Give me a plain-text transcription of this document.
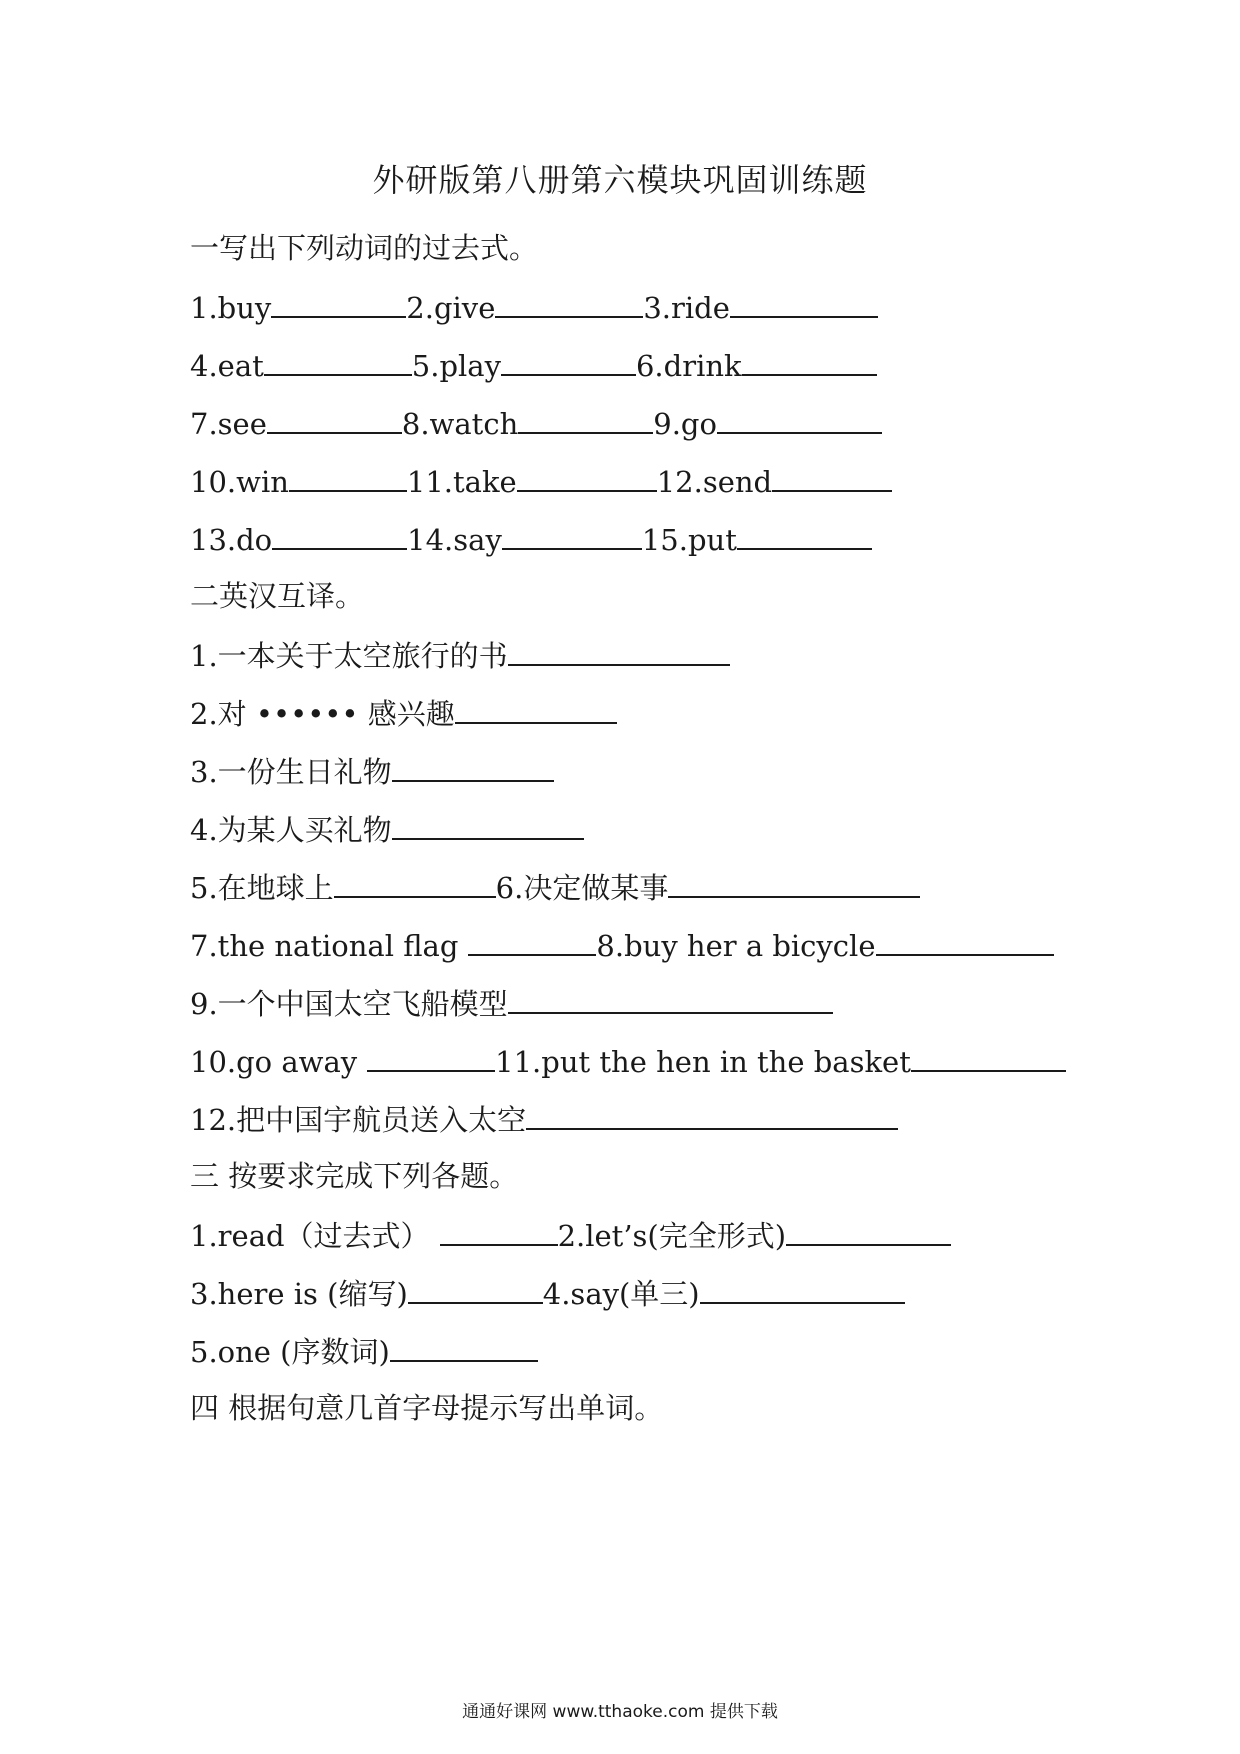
外研版第八册第六模块巩固训练题
一写出下列动词的过去式。
1.buy	2.give	3.ride
4.eat	5.play	6.drink
7.see	8.watch	9.go
10.win	11.take	12.send
13.do	14.say	15.put
二英汉互译。
1.一本关于太空旅行的书
2.对 •••••• 感兴趣
3.一份生日礼物
4.为某人买礼物
5.在地球上	6.决定做某事
7.the national flag	8.buy her a bicycle
9.一个中国太空飞船模型
10.go away	11.put the hen in the basket
12.把中国宇航员送入太空
三 按要求完成下列各题。
1.read（过去式）	2.let’s(完全形式)
3.here is (缩写)	4.say(单三)
5.one (序数词)
四 根据句意几首字母提示写出单词。
通通好课网 www.tthaoke.com 提供下载
